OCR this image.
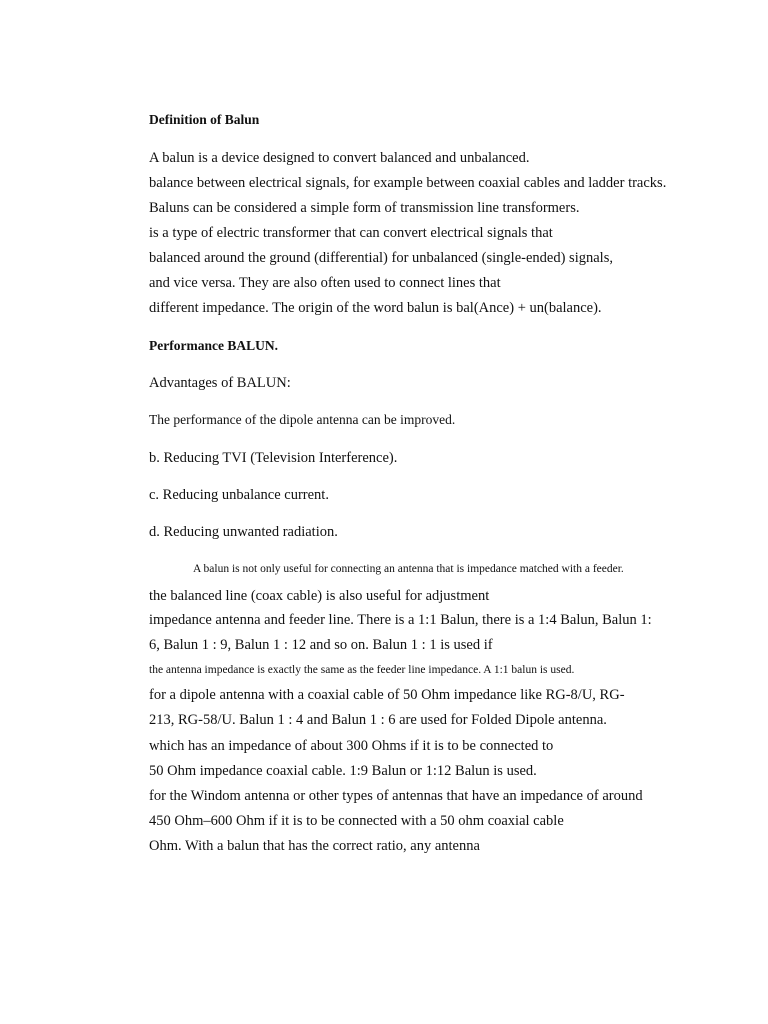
Definition of Balun
A balun is a device designed to convert balanced and unbalanced.
balance between electrical signals, for example between coaxial cables and ladder tracks.
Baluns can be considered a simple form of transmission line transformers.
is a type of electric transformer that can convert electrical signals that
balanced around the ground (differential) for unbalanced (single-ended) signals,
and vice versa. They are also often used to connect lines that
different impedance. The origin of the word balun is bal(Ance) + un(balance).
Performance BALUN.
Advantages of BALUN:
The performance of the dipole antenna can be improved.
b. Reducing TVI (Television Interference).
c. Reducing unbalance current.
d. Reducing unwanted radiation.
A balun is not only useful for connecting an antenna that is impedance matched with a feeder.
the balanced line (coax cable) is also useful for adjustment
impedance antenna and feeder line. There is a 1:1 Balun, there is a 1:4 Balun, Balun 1:
6, Balun 1 : 9, Balun 1 : 12 and so on. Balun 1 : 1 is used if
the antenna impedance is exactly the same as the feeder line impedance. A 1:1 balun is used.
for a dipole antenna with a coaxial cable of 50 Ohm impedance like RG-8/U, RG-
213, RG-58/U. Balun 1 : 4 and Balun 1 : 6 are used for Folded Dipole antenna.
which has an impedance of about 300 Ohms if it is to be connected to
50 Ohm impedance coaxial cable. 1:9 Balun or 1:12 Balun is used.
for the Windom antenna or other types of antennas that have an impedance of around
450 Ohm–600 Ohm if it is to be connected with a 50 ohm coaxial cable
Ohm. With a balun that has the correct ratio, any antenna
